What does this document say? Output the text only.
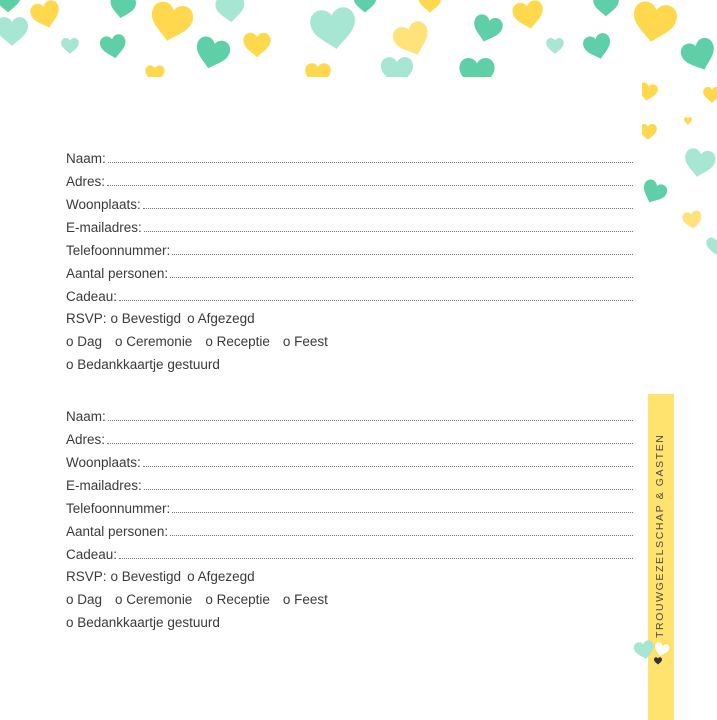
Naam:
Adres:
Woonplaats:
E-mailadres:
Telefoonnummer:
Aantal personen:
Cadeau:
RSVP: o Bevestigd o Afgezegd
o Dag o Ceremonie o Receptie o Feest
o Bedankkaartje gestuurd
Naam:
Adres:
Woonplaats:
E-mailadres:
Telefoonnummer:
Aantal personen:
Cadeau:
RSVP: o Bevestigd o Afgezegd
o Dag o Ceremonie o Receptie o Feest
o Bedankkaartje gestuurd	TROUWGEZELSCHAP & GASTEN
